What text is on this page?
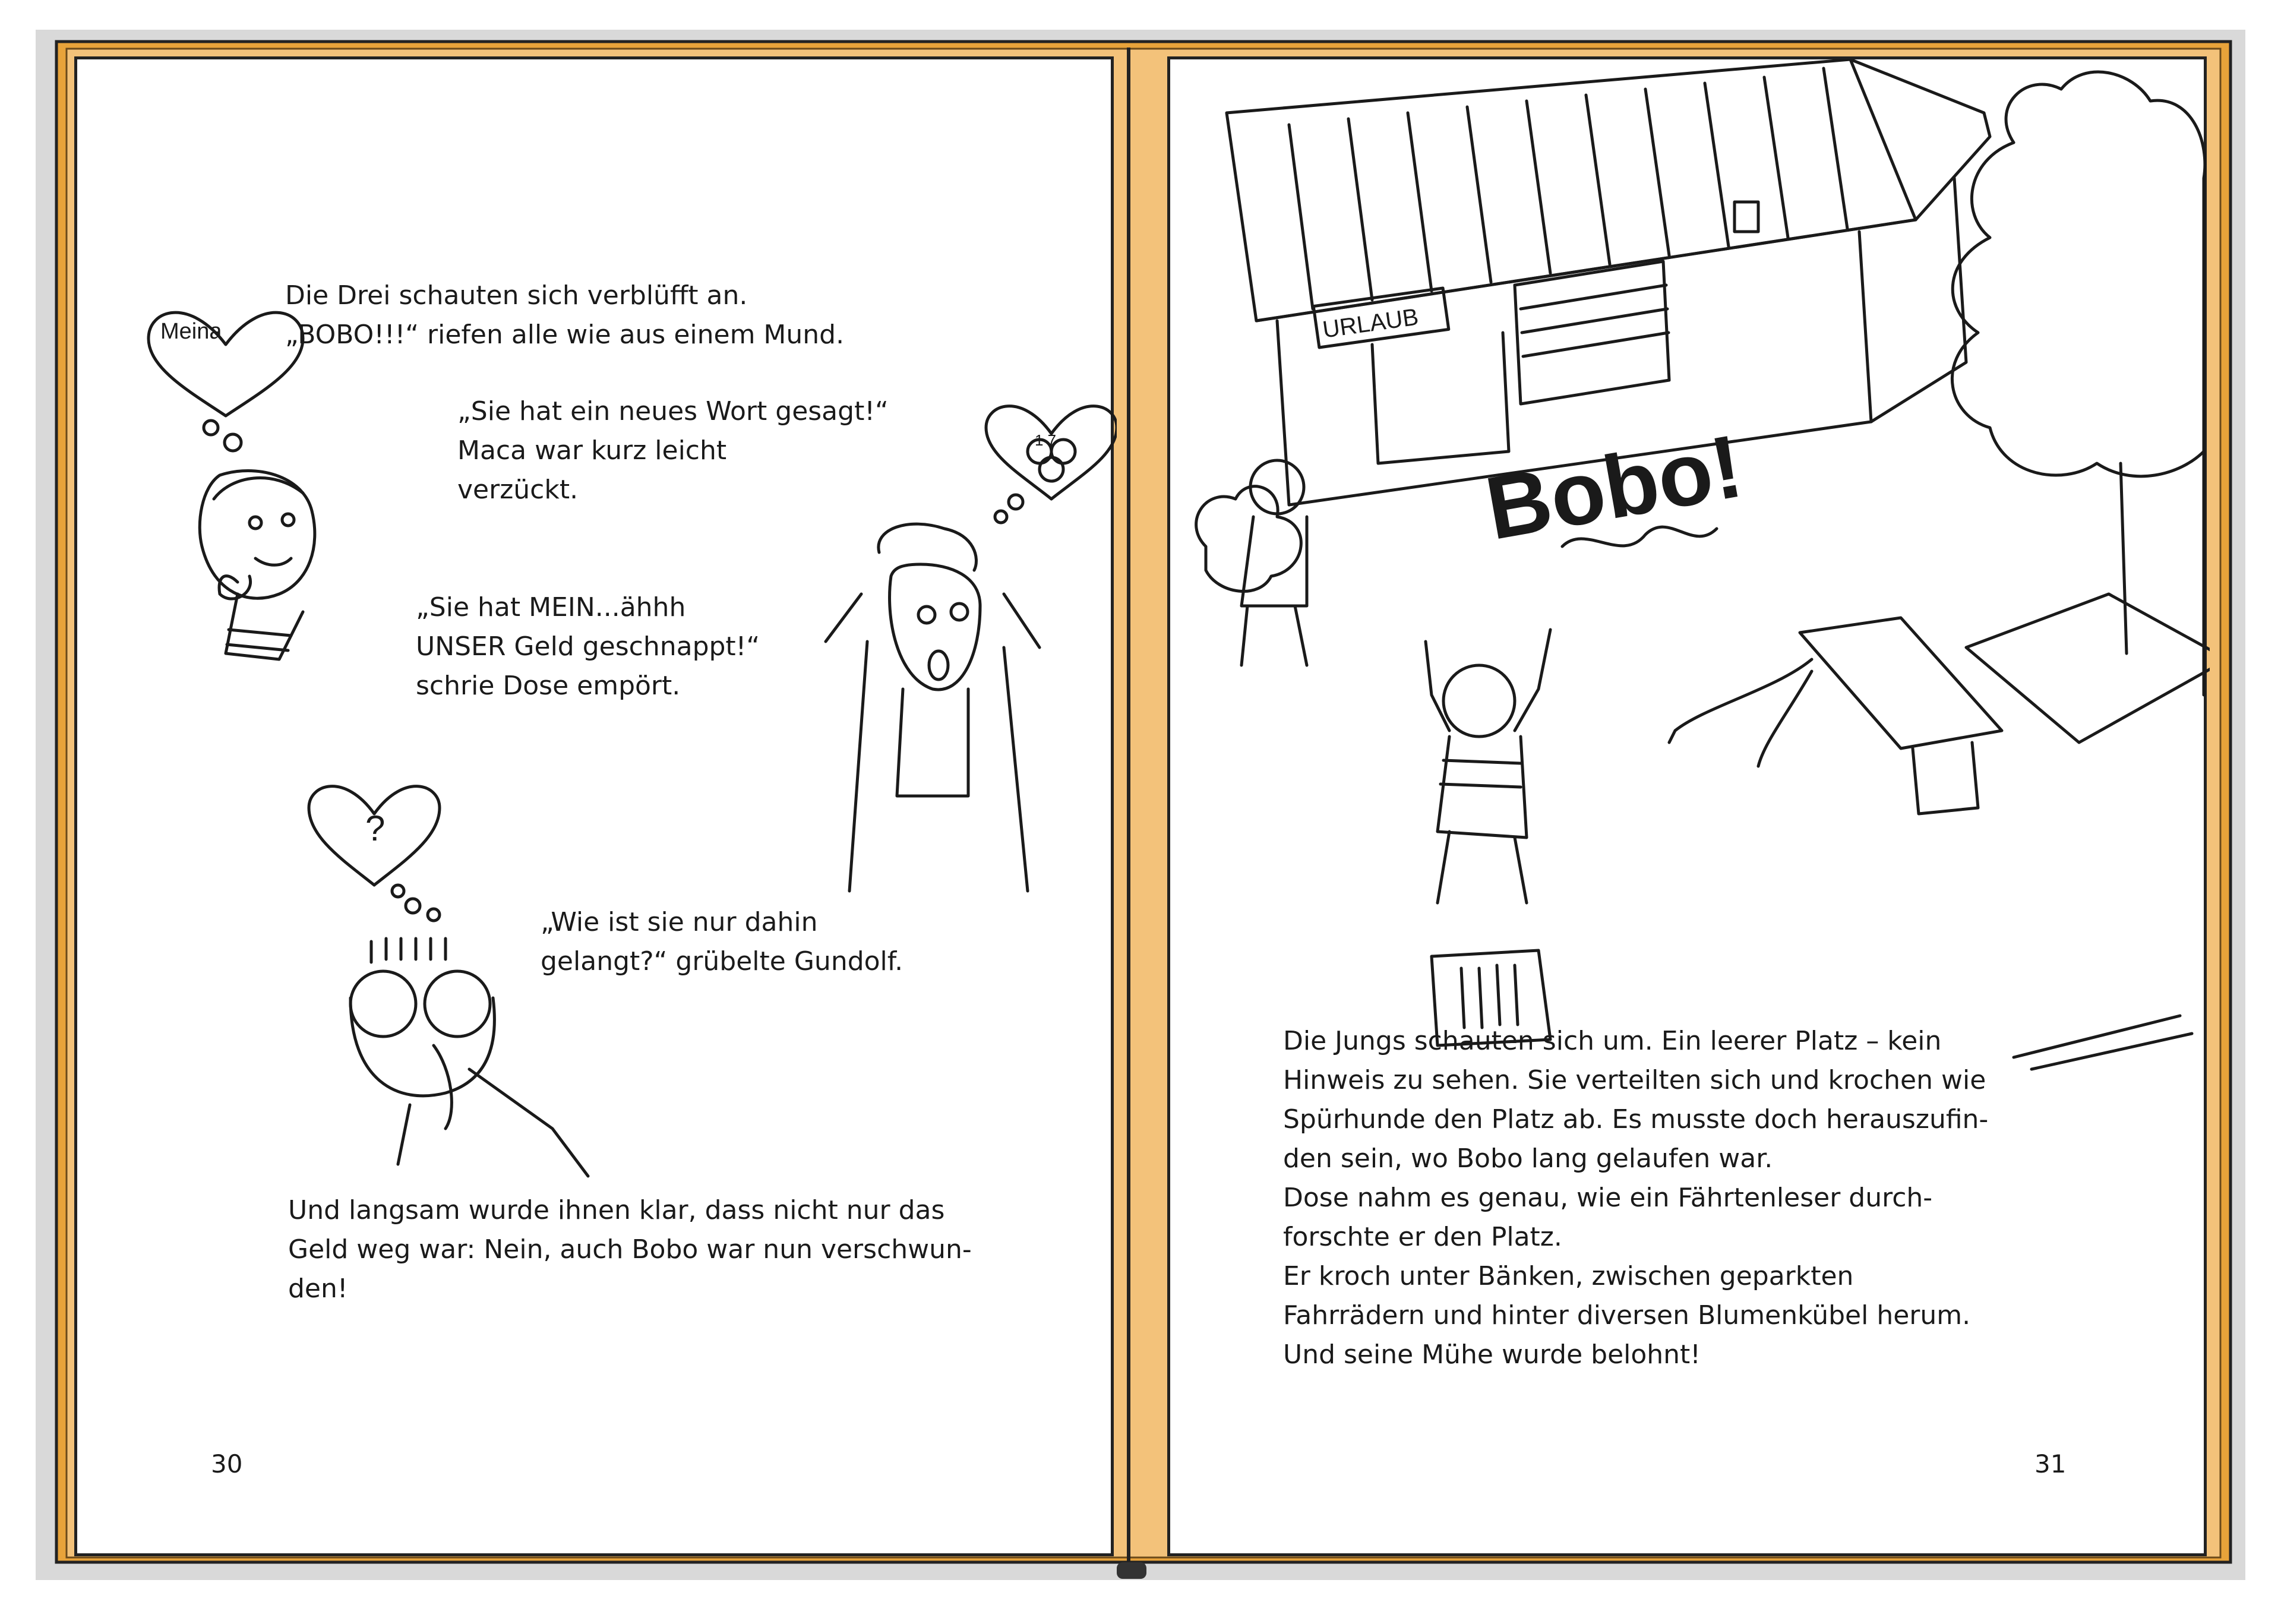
Meina
1 7
?
Die Drei schauten sich verblüfft an.
„BOBO!!!“ riefen alle wie aus einem Mund.
„Sie hat ein neues Wort gesagt!“
Maca war kurz leicht
verzückt.
„Sie hat MEIN...ähhh
UNSER Geld geschnappt!“
schrie Dose empört.
„Wie ist sie nur dahin
gelangt?“ grübelte Gundolf.
Und langsam wurde ihnen klar, dass nicht nur das
Geld weg war: Nein, auch Bobo war nun verschwun-
den!
30
URLAUB
Bobo!
Die Jungs schauten sich um. Ein leerer Platz – kein
Hinweis zu sehen. Sie verteilten sich und krochen wie
Spürhunde den Platz ab. Es musste doch herauszufin-
den sein, wo Bobo lang gelaufen war.
Dose nahm es genau, wie ein Fährtenleser durch-
forschte er den Platz.
Er kroch unter Bänken, zwischen geparkten
Fahrrädern und hinter diversen Blumenkübel herum.
Und seine Mühe wurde belohnt!
31
